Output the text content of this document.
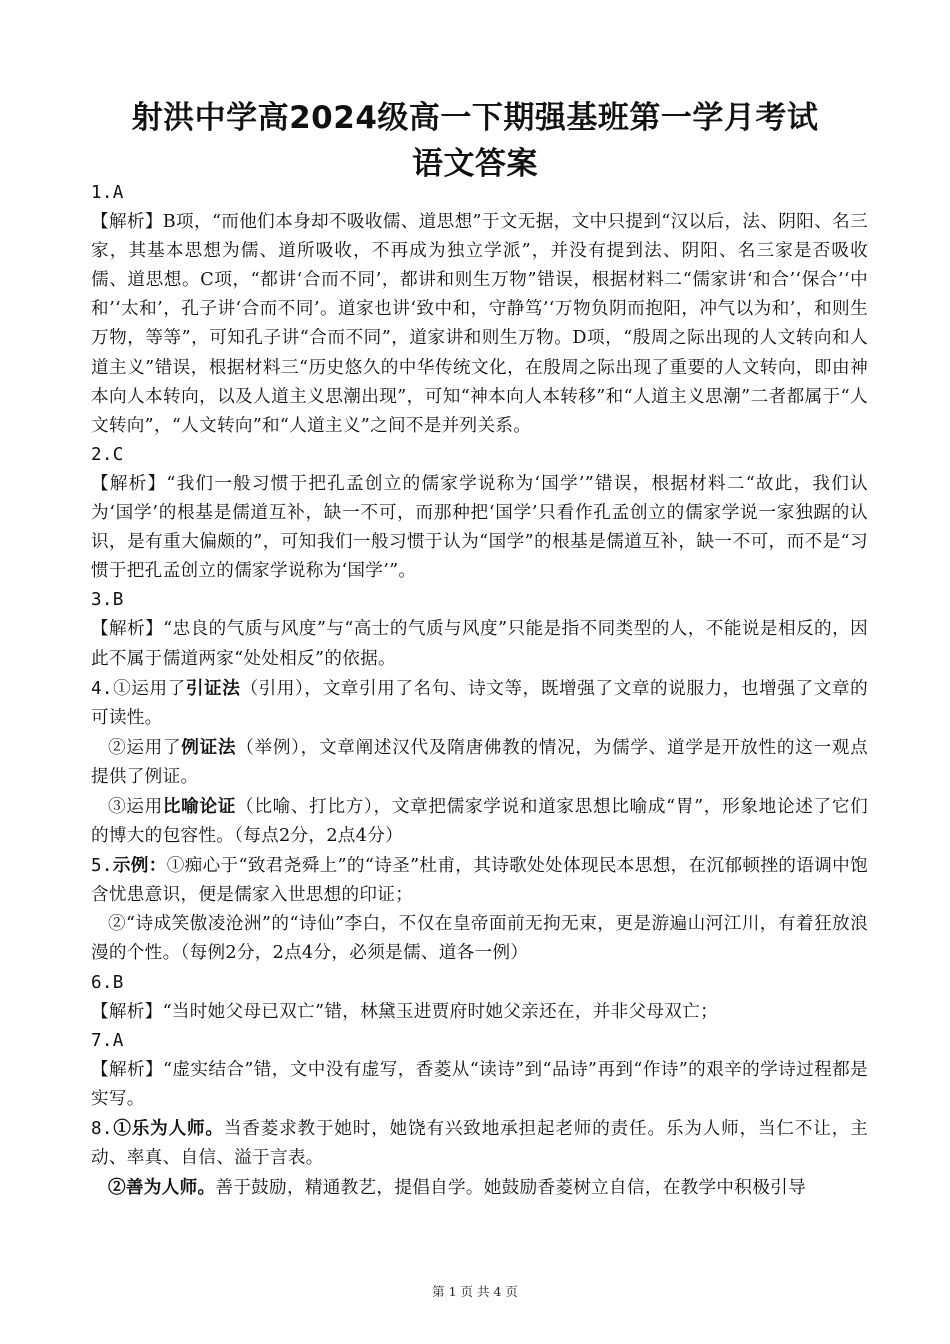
射洪中学高2024级高一下期强基班第一学月考试
语文答案

1.A

【解析】B项，“而他们本身却不吸收儒、道思想”于文无据，文中只提到“汉以后，法、阴阳、名三家，其基本思想为儒、道所吸收，不再成为独立学派”，并没有提到法、阴阳、名三家是否吸收儒、道思想。C项，“都讲‘合而不同’，都讲和则生万物”错误，根据材料二“儒家讲‘和合’‘保合’‘中和’‘太和’，孔子讲‘合而不同’。道家也讲‘致中和，守静笃’‘万物负阴而抱阳，冲气以为和’，和则生万物，等等”，可知孔子讲“合而不同”，道家讲和则生万物。D项，“殷周之际出现的人文转向和人道主义”错误，根据材料三“历史悠久的中华传统文化，在殷周之际出现了重要的人文转向，即由神本向人本转向，以及人道主义思潮出现”，可知“神本向人本转移”和“人道主义思潮”二者都属于“人文转向”，“人文转向”和“人道主义”之间不是并列关系。

2.C

【解析】“我们一般习惯于把孔孟创立的儒家学说称为‘国学’”错误，根据材料二“故此，我们认为‘国学’的根基是儒道互补，缺一不可，而那种把‘国学’只看作孔孟创立的儒家学说一家独踞的认识，是有重大偏颇的”，可知我们一般习惯于认为“国学”的根基是儒道互补，缺一不可，而不是“习惯于把孔孟创立的儒家学说称为‘国学’”。

3.B

【解析】“忠良的气质与风度”与“高士的气质与风度”只能是指不同类型的人，不能说是相反的，因此不属于儒道两家“处处相反”的依据。

4.①运用了引证法（引用），文章引用了名句、诗文等，既增强了文章的说服力，也增强了文章的可读性。

②运用了例证法（举例），文章阐述汉代及隋唐佛教的情况，为儒学、道学是开放性的这一观点提供了例证。

③运用比喻论证（比喻、打比方），文章把儒家学说和道家思想比喻成“胃”，形象地论述了它们的博大的包容性。（每点2分，2点4分）

5.示例：①痴心于“致君尧舜上”的“诗圣”杜甫，其诗歌处处体现民本思想，在沉郁顿挫的语调中饱含忧患意识，便是儒家入世思想的印证；

②“诗成笑傲凌沧洲”的“诗仙”李白，不仅在皇帝面前无拘无束，更是游遍山河江川，有着狂放浪漫的个性。（每例2分，2点4分，必须是儒、道各一例）

6.B

【解析】“当时她父母已双亡”错，林黛玉进贾府时她父亲还在，并非父母双亡；

7.A

【解析】“虚实结合”错，文中没有虚写，香菱从“读诗”到“品诗”再到“作诗”的艰辛的学诗过程都是实写。

8.①乐为人师。当香菱求教于她时，她饶有兴致地承担起老师的责任。乐为人师，当仁不让，主动、率真、自信、溢于言表。

②善为人师。善于鼓励，精通教艺，提倡自学。她鼓励香菱树立自信，在教学中积极引导

第 1 页 共 4 页
